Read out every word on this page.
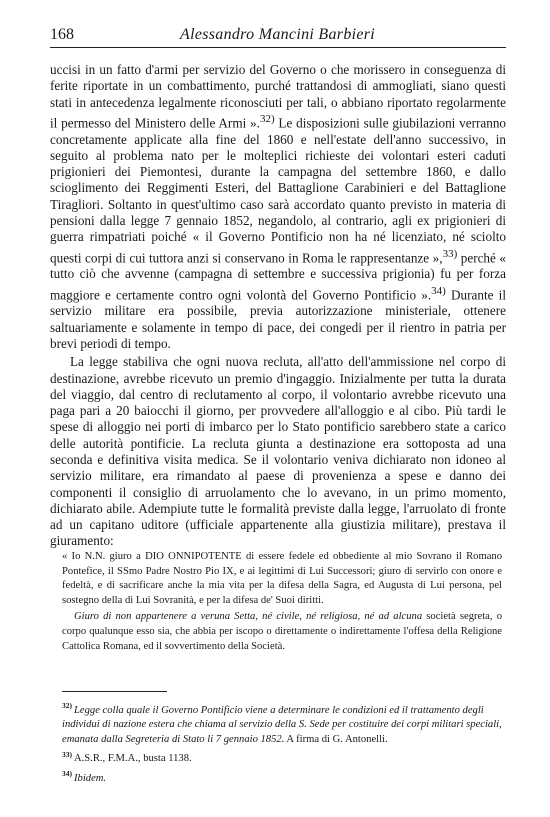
168	Alessandro Mancini Barbieri

uccisi in un fatto d'armi per servizio del Governo o che morissero in conseguenza di ferite riportate in un combattimento, purché trattandosi di ammogliati, siano questi stati in antecedenza legalmente riconosciuti per tali, o abbiano riportato regolarmente il permesso del Ministero delle Armi ».$^{32)}$ Le disposizioni sulle giubilazioni verranno concretamente applicate alla fine del 1860 e nell'estate dell'anno successivo, in seguito al problema nato per le molteplici richieste dei volontari esteri caduti prigionieri dei Piemontesi, durante la campagna del settembre 1860, e dallo scioglimento dei Reggimenti Esteri, del Battaglione Carabinieri e del Battaglione Tiragliori. Soltanto in quest'ultimo caso sarà accordato quanto previsto in materia di pensioni dalla legge 7 gennaio 1852, negandolo, al contrario, agli ex prigionieri di guerra rimpatriati poiché « il Governo Pontificio non ha né licenziato, né sciolto questi corpi di cui tuttora anzi si conservano in Roma le rappresentanze »,$^{33)}$ perché « tutto ciò che avvenne (campagna di settembre e successiva prigionia) fu per forza maggiore e certamente contro ogni volontà del Governo Pontificio ».$^{34)}$ Durante il servizio militare era possibile, previa autorizzazione ministeriale, ottenere saltuariamente e solamente in tempo di pace, dei congedi per il rientro in patria per brevi periodi di tempo.

La legge stabiliva che ogni nuova recluta, all'atto dell'ammissione nel corpo di destinazione, avrebbe ricevuto un premio d'ingaggio. Inizialmente per tutta la durata del viaggio, dal centro di reclutamento al corpo, il volontario avrebbe ricevuto una paga pari a 20 baiocchi il giorno, per provvedere all'alloggio e al cibo. Più tardi le spese di alloggio nei porti di imbarco per lo Stato pontificio sarebbero state a carico delle autorità pontificie. La recluta giunta a destinazione era sottoposta ad una seconda e definitiva visita medica. Se il volontario veniva dichiarato non idoneo al servizio militare, era rimandato al paese di provenienza a spese e danno dei componenti il consiglio di arruolamento che lo avevano, in un primo momento, dichiarato abile. Adempiute tutte le formalità previste dalla legge, l'arruolato di fronte ad un capitano uditore (ufficiale appartenente alla giustizia militare), prestava il giuramento:

« Io N.N. giuro a DIO ONNIPOTENTE di essere fedele ed obbediente al mio Sovrano il Romano Pontefice, il SSmo Padre Nostro Pio IX, e ai legittimi di Lui Successori; giuro di servirlo con onore e fedeltà, e di sacrificare anche la mia vita per la difesa della Sagra, ed Augusta di Lui persona, pel sostegno della di Lui Sovranità, e per la difesa de' Suoi diritti.

Giuro di non appartenere a veruna Setta, né civile, né religiosa, né ad alcuna società segreta, o corpo qualunque esso sia, che abbia per iscopo o direttamente o indirettamente l'offesa della Religione Cattolica Romana, ed il sovvertimento della Società.

$^{32)}$ Legge colla quale il Governo Pontificio viene a determinare le condizioni ed il trattamento degli individui di nazione estera che chiama al servizio della S. Sede per costituire dei corpi militari speciali, emanata dalla Segreteria di Stato li 7 gennaio 1852. A firma di G. Antonelli.

$^{33)}$ A.S.R., F.M.A., busta 1138.

$^{34)}$ Ibidem.
